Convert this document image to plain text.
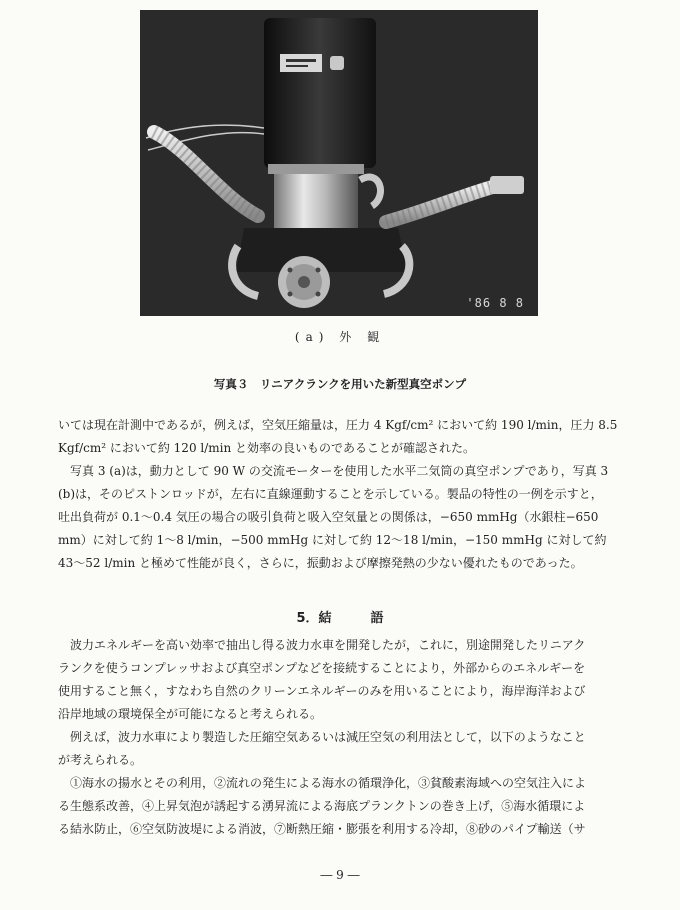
'86 8 8
(a) 外 観
写真３　リニアクランクを用いた新型真空ポンプ
いては現在計測中であるが，例えば，空気圧縮量は，圧力 4 Kgf/cm² において約 190 l/min，圧力 8.5
Kgf/cm² において約 120 l/min と効率の良いものであることが確認された。
写真 3 (a)は，動力として 90 W の交流モーターを使用した水平二気筒の真空ポンプであり，写真 3
(b)は，そのピストンロッドが，左右に直線運動することを示している。製品の特性の一例を示すと，
吐出負荷が 0.1〜0.4 気圧の場合の吸引負荷と吸入空気量との関係は，−650 mmHg（水銀柱−650
mm）に対して約 1〜8 l/min，−500 mmHg に対して約 12〜18 l/min，−150 mmHg に対して約
43〜52 l/min と極めて性能が良く，さらに，振動および摩擦発熱の少ない優れたものであった。
5．結　　　語
波力エネルギーを高い効率で抽出し得る波力水車を開発したが，これに，別途開発したリニアク
ランクを使うコンプレッサおよび真空ポンプなどを接続することにより，外部からのエネルギーを
使用すること無く，すなわち自然のクリーンエネルギーのみを用いることにより，海岸海洋および
沿岸地域の環境保全が可能になると考えられる。
例えば，波力水車により製造した圧縮空気あるいは減圧空気の利用法として，以下のようなこと
が考えられる。
①海水の揚水とその利用，②流れの発生による海水の循環浄化，③貧酸素海域への空気注入によ
る生態系改善，④上昇気泡が誘起する湧昇流による海底プランクトンの巻き上げ，⑤海水循環によ
る結氷防止，⑥空気防波堤による消波，⑦断熱圧縮・膨張を利用する冷却，⑧砂のパイプ輸送（サ
― 9 ―
